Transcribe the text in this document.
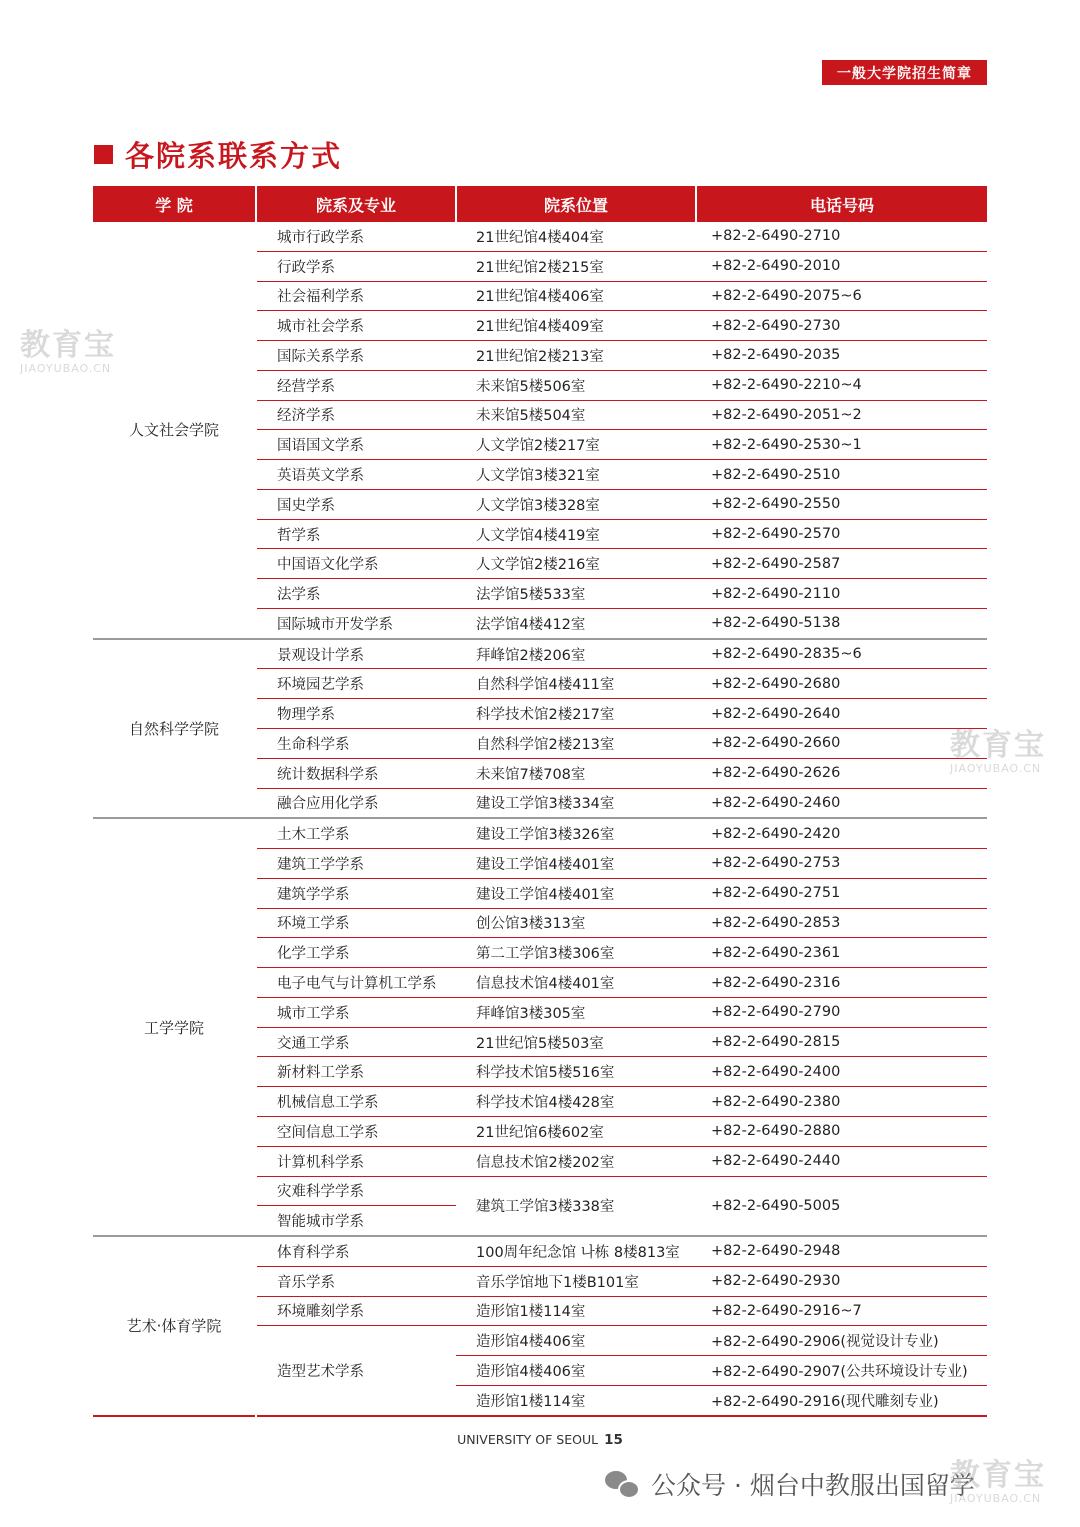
一般大学院招生简章
各院系联系方式
学 院	院系及专业	院系位置	电话号码
人文社会学院	城市行政学系	21世纪馆4楼404室	+82-2-6490-2710
	行政学系	21世纪馆2楼215室	+82-2-6490-2010
	社会福利学系	21世纪馆4楼406室	+82-2-6490-2075~6
	城市社会学系	21世纪馆4楼409室	+82-2-6490-2730
	国际关系学系	21世纪馆2楼213室	+82-2-6490-2035
	经营学系	未来馆5楼506室	+82-2-6490-2210~4
	经济学系	未来馆5楼504室	+82-2-6490-2051~2
	国语国文学系	人文学馆2楼217室	+82-2-6490-2530~1
	英语英文学系	人文学馆3楼321室	+82-2-6490-2510
	国史学系	人文学馆3楼328室	+82-2-6490-2550
	哲学系	人文学馆4楼419室	+82-2-6490-2570
	中国语文化学系	人文学馆2楼216室	+82-2-6490-2587
	法学系	法学馆5楼533室	+82-2-6490-2110
	国际城市开发学系	法学馆4楼412室	+82-2-6490-5138
自然科学学院	景观设计学系	拜峰馆2楼206室	+82-2-6490-2835~6
	环境园艺学系	自然科学馆4楼411室	+82-2-6490-2680
	物理学系	科学技术馆2楼217室	+82-2-6490-2640
	生命科学系	自然科学馆2楼213室	+82-2-6490-2660
	统计数据科学系	未来馆7楼708室	+82-2-6490-2626
	融合应用化学系	建设工学馆3楼334室	+82-2-6490-2460
工学学院	土木工学系	建设工学馆3楼326室	+82-2-6490-2420
	建筑工学学系	建设工学馆4楼401室	+82-2-6490-2753
	建筑学学系	建设工学馆4楼401室	+82-2-6490-2751
	环境工学系	创公馆3楼313室	+82-2-6490-2853
	化学工学系	第二工学馆3楼306室	+82-2-6490-2361
	电子电气与计算机工学系	信息技术馆4楼401室	+82-2-6490-2316
	城市工学系	拜峰馆3楼305室	+82-2-6490-2790
	交通工学系	21世纪馆5楼503室	+82-2-6490-2815
	新材料工学系	科学技术馆5楼516室	+82-2-6490-2400
	机械信息工学系	科学技术馆4楼428室	+82-2-6490-2380
	空间信息工学系	21世纪馆6楼602室	+82-2-6490-2880
	计算机科学系	信息技术馆2楼202室	+82-2-6490-2440
	灾难科学学系	建筑工学馆3楼338室	+82-2-6490-5005
	智能城市学系		
艺术·体育学院	体育科学系	100周年纪念馆 나栋 8楼813室	+82-2-6490-2948
	音乐学系	音乐学馆地下1楼B101室	+82-2-6490-2930
	环境雕刻学系	造形馆1楼114室	+82-2-6490-2916~7
	造型艺术学系	造形馆4楼406室	+82-2-6490-2906(视觉设计专业)
		造形馆4楼406室	+82-2-6490-2907(公共环境设计专业)
		造形馆1楼114室	+82-2-6490-2916(现代雕刻专业)
UNIVERSITY OF SEOUL 15
公众号 · 烟台中教服出国留学
教育宝
JIAOYUBAO.CN
教育宝
JIAOYUBAO.CN
教育宝
JIAOYUBAO.CN
